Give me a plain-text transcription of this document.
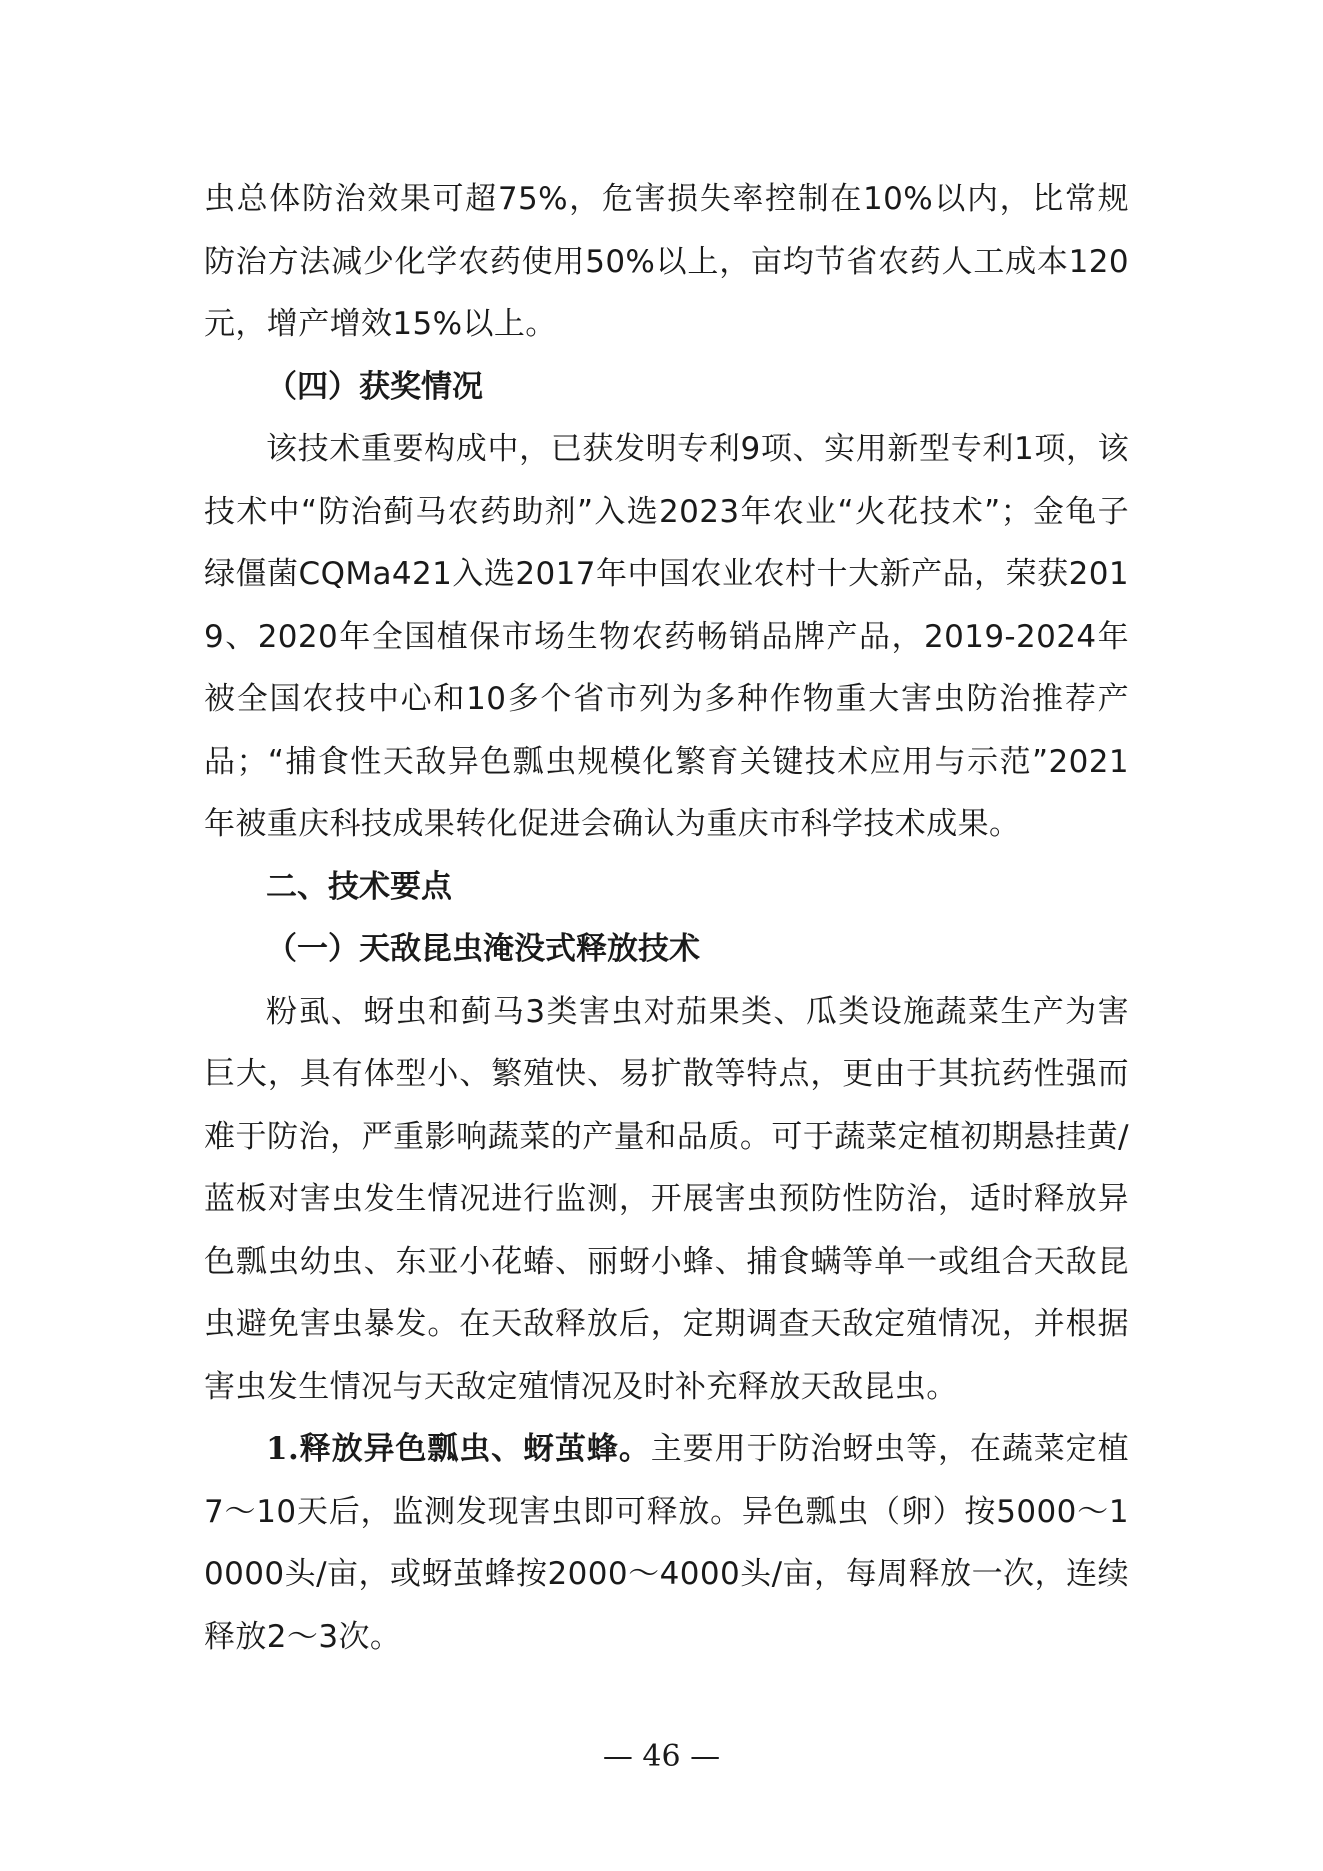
虫总体防治效果可超75%，危害损失率控制在10%以内，比常规防治方法减少化学农药使用50%以上，亩均节省农药人工成本120元，增产增效15%以上。

（四）获奖情况

该技术重要构成中，已获发明专利9项、实用新型专利1项，该技术中“防治蓟马农药助剂”入选2023年农业“火花技术”；金龟子绿僵菌CQMa421入选2017年中国农业农村十大新产品，荣获2019、2020年全国植保市场生物农药畅销品牌产品，2019-2024年被全国农技中心和10多个省市列为多种作物重大害虫防治推荐产品；“捕食性天敌异色瓢虫规模化繁育关键技术应用与示范”2021年被重庆科技成果转化促进会确认为重庆市科学技术成果。

二、技术要点

（一）天敌昆虫淹没式释放技术

粉虱、蚜虫和蓟马3类害虫对茄果类、瓜类设施蔬菜生产为害巨大，具有体型小、繁殖快、易扩散等特点，更由于其抗药性强而难于防治，严重影响蔬菜的产量和品质。可于蔬菜定植初期悬挂黄/蓝板对害虫发生情况进行监测，开展害虫预防性防治，适时释放异色瓢虫幼虫、东亚小花蝽、丽蚜小蜂、捕食螨等单一或组合天敌昆虫避免害虫暴发。在天敌释放后，定期调查天敌定殖情况，并根据害虫发生情况与天敌定殖情况及时补充释放天敌昆虫。

1.释放异色瓢虫、蚜茧蜂。主要用于防治蚜虫等，在蔬菜定植7～10天后，监测发现害虫即可释放。异色瓢虫（卵）按5000～10000头/亩，或蚜茧蜂按2000～4000头/亩，每周释放一次，连续释放2～3次。

— 46 —
